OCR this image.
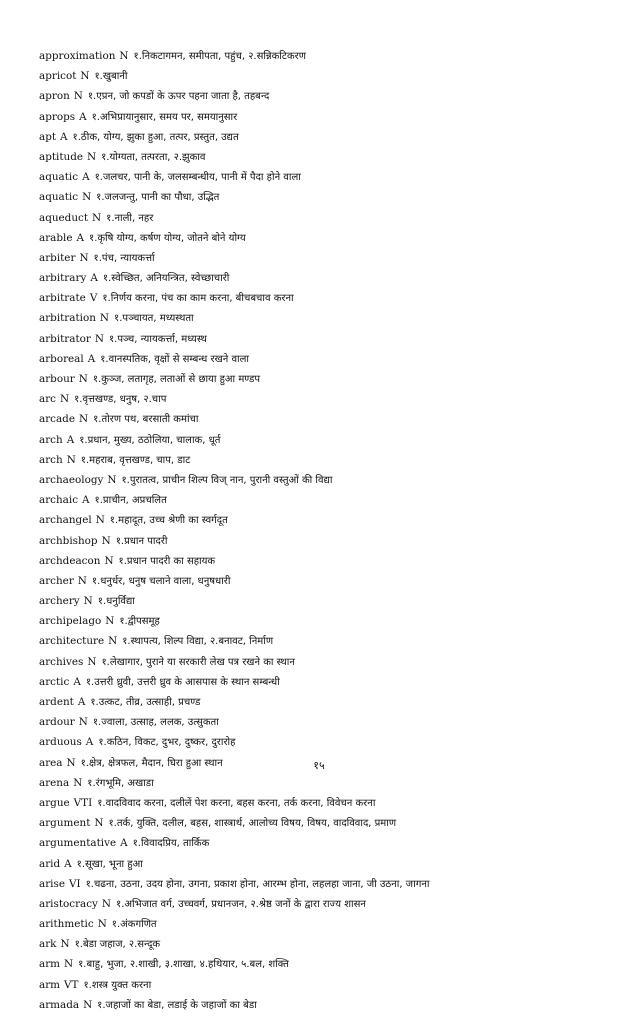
approximation N १.निकटागमन, समीपता, पहुंच, २.सन्निकटिकरण
apricot N १.खुबानी
apron N १.एप्रन, जो कपडों के ऊपर पहना जाता है, तहबन्द
aprops A १.अभिप्रायानुसार, समय पर, समयानुसार
apt A १.ठीक, योग्य, झुका हुआ, तत्पर, प्रस्तुत, उद्यत
aptitude N १.योग्यता, तत्परता, २.झुकाव
aquatic A १.जलचर, पानी के, जलसम्बन्धीय, पानी में पैदा होने वाला
aquatic N १.जलजन्तु, पानी का पौधा, उद्भित
aqueduct N १.नाली, नहर
arable A १.कृषि योग्य, कर्षण योग्य, जोतने बोने योग्य
arbiter N १.पंच, न्यायकर्त्ता
arbitrary A १.स्वेच्छित, अनियन्त्रित, स्वेच्छाचारी
arbitrate V १.निर्णय करना, पंच का काम करना, बीचबचाव करना
arbitration N १.पञ्चायत, मध्यस्थता
arbitrator N १.पञ्च, न्यायकर्त्ता, मध्यस्थ
arboreal A १.वानस्पतिक, वृक्षों से सम्बन्ध रखने वाला
arbour N १.कुञ्ज, लतागृह, लताओं से छाया हुआ मण्डप
arc N १.वृत्तखण्ड, धनुष, २.चाप
arcade N १.तोरण पथ, बरसाती कमांचा
arch A १.प्रधान, मुख्य, ठठोलिया, चालाक, धूर्त
arch N १.महराब, वृत्तखण्ड, चाप, डाट
archaeology N १.पुरातत्व, प्राचीन शिल्प विज् नान, पुरानी वस्तुओं की विद्या
archaic A १.प्राचीन, अप्रचलित
archangel N १.महादूत, उच्च श्रेणी का स्वर्गदूत
archbishop N १.प्रधान पादरी
archdeacon N १.प्रधान पादरी का सहायक
archer N १.धनुर्धर, धनुष चलाने वाला, धनुषधारी
archery N १.धनुर्विद्या
archipelago N १.द्वीपसमूह
architecture N १.स्थापत्य, शिल्प विद्या, २.बनावट, निर्माण
archives N १.लेखागार, पुराने या सरकारी लेख पत्र रखने का स्थान
arctic A १.उत्तरी ध्रुवी, उत्तरी ध्रुव के आसपास के स्थान सम्बन्धी
ardent A १.उत्कट, तीव्र, उत्साही, प्रचण्ड
ardour N १.ज्वाला, उत्साह, ललक, उत्सुकता
arduous A १.कठिन, विकट, दुभर, दुष्कर, दुरारोह
area N १.क्षेत्र, क्षेत्रफल, मैदान, घिरा हुआ स्थान
arena N १.रंगभूमि, अखाडा
argue VTI १.वादविवाद करना, दलीलें पेश करना, बहस करना, तर्क करना, विवेचन करना
argument N १.तर्क, युक्ति, दलील, बहस, शास्त्रार्थ, आलोच्य विषय, विषय, वादविवाद, प्रमाण
argumentative A १.विवादप्रिय, तार्किक
arid A १.सूखा, भूना हुआ
arise VI १.चढना, उठना, उदय होना, उगना, प्रकाश होना, आरम्भ होना, लहलहा जाना, जी उठना, जागना
aristocracy N १.अभिजात वर्ग, उच्चवर्ग, प्रधानजन, २.श्रेष्ठ जनों के द्वारा राज्य शासन
arithmetic N १.अंकगणित
ark N १.बेडा जहाज, २.सन्दूक
arm N १.बाहु, भुजा, २.शाखी, ३.शाखा, ४.हथियार, ५.बल, शक्ति
arm VT १.शस्त्र युक्त करना
armada N १.जहाजों का बेडा, लडाई के जहाजों का बेडा
१५
